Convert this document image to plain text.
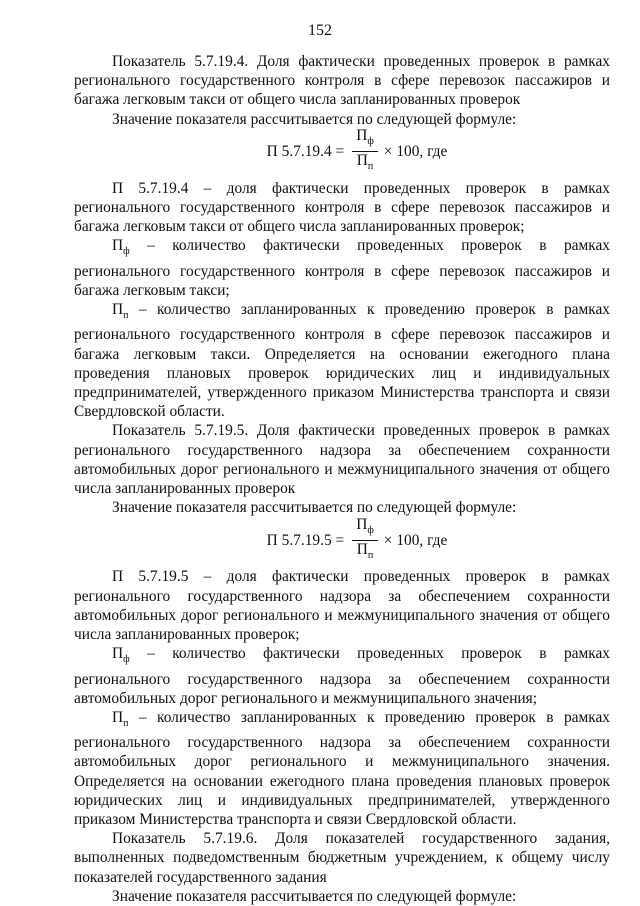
152

Показатель 5.7.19.4. Доля фактически проведенных проверок в рамках регионального государственного контроля в сфере перевозок пассажиров и багажа легковым такси от общего числа запланированных проверок

Значение показателя рассчитывается по следующей формуле:

П $5.7.19.4 = \frac{П_ф}{П_п} \times 100$, где

П 5.7.19.4 – доля фактически проведенных проверок в рамках регионального государственного контроля в сфере перевозок пассажиров и багажа легковым такси от общего числа запланированных проверок;

$П_ф$ – количество фактически проведенных проверок в рамках регионального государственного контроля в сфере перевозок пассажиров и багажа легковым такси;

$П_п$ – количество запланированных к проведению проверок в рамках регионального государственного контроля в сфере перевозок пассажиров и багажа легковым такси. Определяется на основании ежегодного плана проведения плановых проверок юридических лиц и индивидуальных предпринимателей, утвержденного приказом Министерства транспорта и связи Свердловской области.

Показатель 5.7.19.5. Доля фактически проведенных проверок в рамках регионального государственного надзора за обеспечением сохранности автомобильных дорог регионального и межмуниципального значения от общего числа запланированных проверок

Значение показателя рассчитывается по следующей формуле:

П $5.7.19.5 = \frac{П_ф}{П_п} \times 100$, где

П 5.7.19.5 – доля фактически проведенных проверок в рамках регионального государственного надзора за обеспечением сохранности автомобильных дорог регионального и межмуниципального значения от общего числа запланированных проверок;

$П_ф$ – количество фактически проведенных проверок в рамках регионального государственного надзора за обеспечением сохранности автомобильных дорог регионального и межмуниципального значения;

$П_п$ – количество запланированных к проведению проверок в рамках регионального государственного надзора за обеспечением сохранности автомобильных дорог регионального и межмуниципального значения. Определяется на основании ежегодного плана проведения плановых проверок юридических лиц и индивидуальных предпринимателей, утвержденного приказом Министерства транспорта и связи Свердловской области.

Показатель 5.7.19.6. Доля показателей государственного задания, выполненных подведомственным бюджетным учреждением, к общему числу показателей государственного задания

Значение показателя рассчитывается по следующей формуле:
